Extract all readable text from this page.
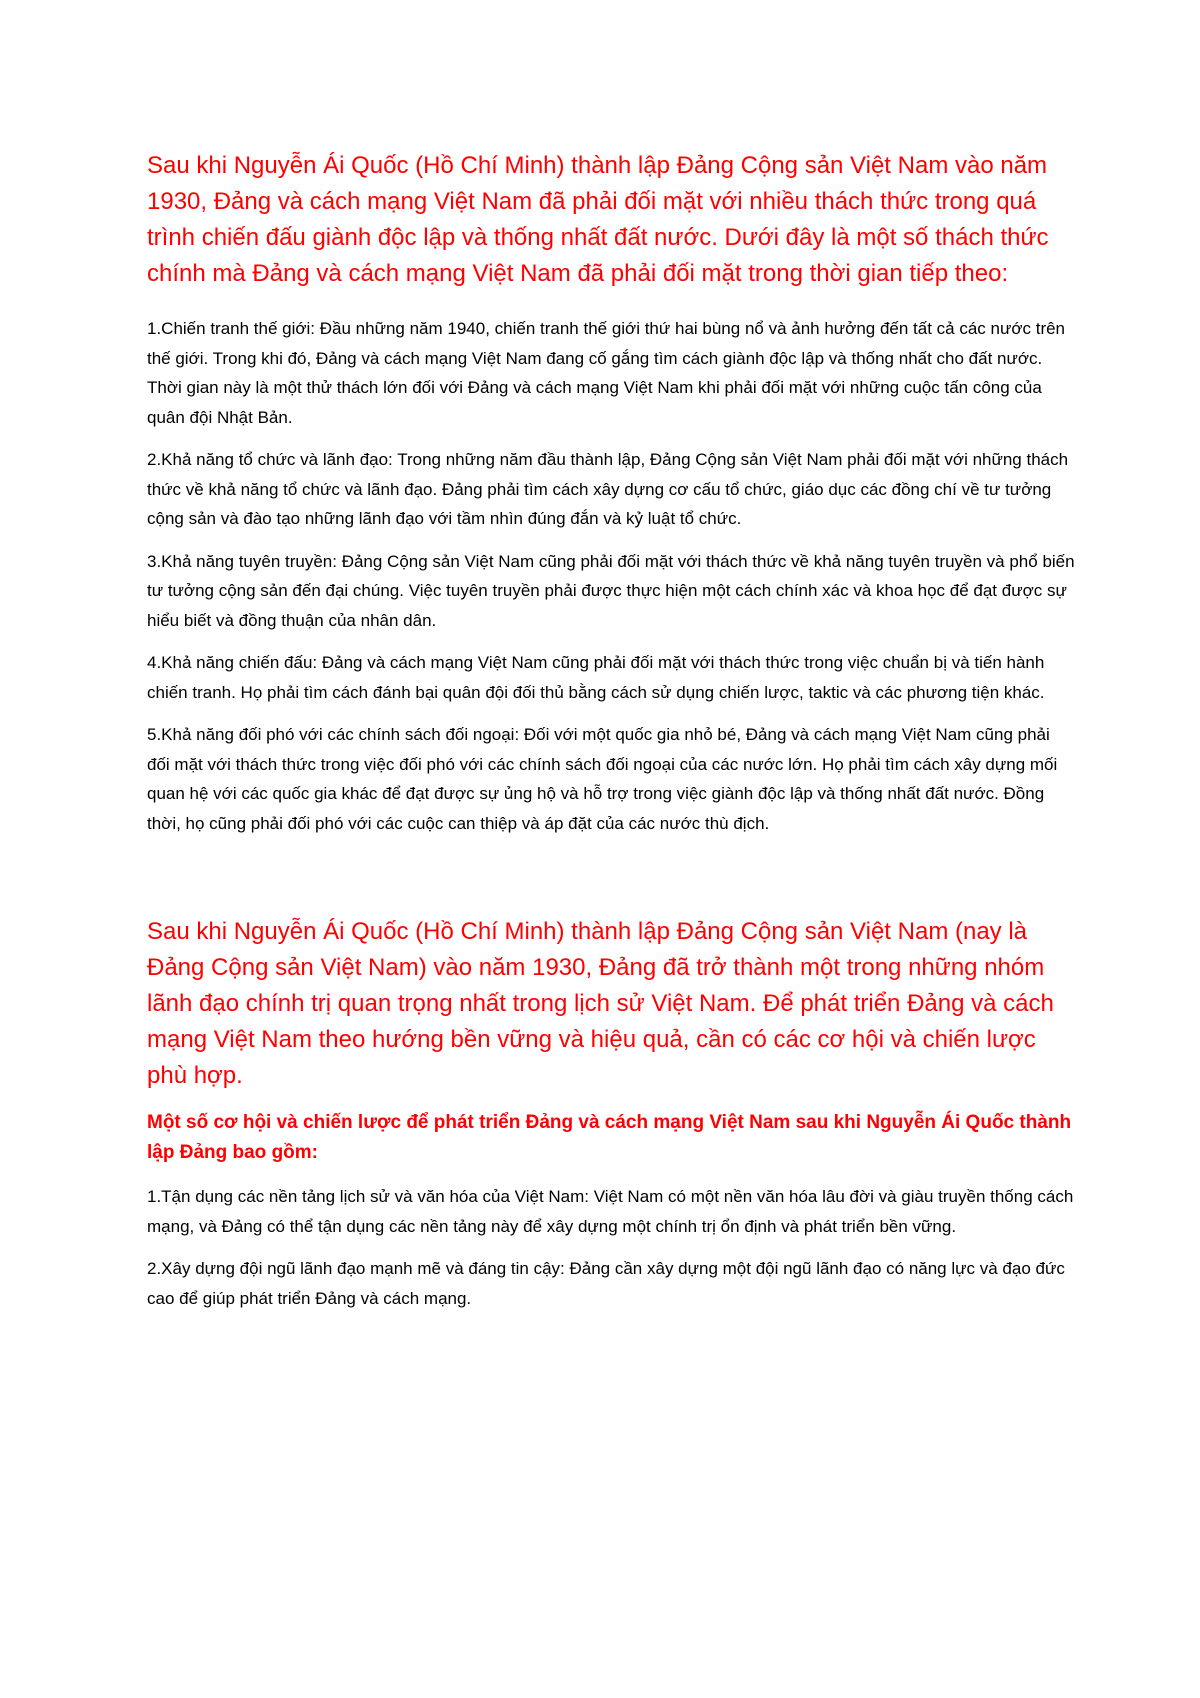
Sau khi Nguyễn Ái Quốc (Hồ Chí Minh) thành lập Đảng Cộng sản Việt Nam vào năm 1930, Đảng và cách mạng Việt Nam đã phải đối mặt với nhiều thách thức trong quá trình chiến đấu giành độc lập và thống nhất đất nước. Dưới đây là một số thách thức chính mà Đảng và cách mạng Việt Nam đã phải đối mặt trong thời gian tiếp theo:

1.Chiến tranh thế giới: Đầu những năm 1940, chiến tranh thế giới thứ hai bùng nổ và ảnh hưởng đến tất cả các nước trên thế giới. Trong khi đó, Đảng và cách mạng Việt Nam đang cố gắng tìm cách giành độc lập và thống nhất cho đất nước. Thời gian này là một thử thách lớn đối với Đảng và cách mạng Việt Nam khi phải đối mặt với những cuộc tấn công của quân đội Nhật Bản.

2.Khả năng tổ chức và lãnh đạo: Trong những năm đầu thành lập, Đảng Cộng sản Việt Nam phải đối mặt với những thách thức về khả năng tổ chức và lãnh đạo. Đảng phải tìm cách xây dựng cơ cấu tổ chức, giáo dục các đồng chí về tư tưởng cộng sản và đào tạo những lãnh đạo với tầm nhìn đúng đắn và kỷ luật tổ chức.

3.Khả năng tuyên truyền: Đảng Cộng sản Việt Nam cũng phải đối mặt với thách thức về khả năng tuyên truyền và phổ biến tư tưởng cộng sản đến đại chúng. Việc tuyên truyền phải được thực hiện một cách chính xác và khoa học để đạt được sự hiểu biết và đồng thuận của nhân dân.

4.Khả năng chiến đấu: Đảng và cách mạng Việt Nam cũng phải đối mặt với thách thức trong việc chuẩn bị và tiến hành chiến tranh. Họ phải tìm cách đánh bại quân đội đối thủ bằng cách sử dụng chiến lược, taktic và các phương tiện khác.

5.Khả năng đối phó với các chính sách đối ngoại: Đối với một quốc gia nhỏ bé, Đảng và cách mạng Việt Nam cũng phải đối mặt với thách thức trong việc đối phó với các chính sách đối ngoại của các nước lớn. Họ phải tìm cách xây dựng mối quan hệ với các quốc gia khác để đạt được sự ủng hộ và hỗ trợ trong việc giành độc lập và thống nhất đất nước. Đồng thời, họ cũng phải đối phó với các cuộc can thiệp và áp đặt của các nước thù địch.

Sau khi Nguyễn Ái Quốc (Hồ Chí Minh) thành lập Đảng Cộng sản Việt Nam (nay là Đảng Cộng sản Việt Nam) vào năm 1930, Đảng đã trở thành một trong những nhóm lãnh đạo chính trị quan trọng nhất trong lịch sử Việt Nam. Để phát triển Đảng và cách mạng Việt Nam theo hướng bền vững và hiệu quả, cần có các cơ hội và chiến lược phù hợp.

Một số cơ hội và chiến lược để phát triển Đảng và cách mạng Việt Nam sau khi Nguyễn Ái Quốc thành lập Đảng bao gồm:

1.Tận dụng các nền tảng lịch sử và văn hóa của Việt Nam: Việt Nam có một nền văn hóa lâu đời và giàu truyền thống cách mạng, và Đảng có thể tận dụng các nền tảng này để xây dựng một chính trị ổn định và phát triển bền vững.

2.Xây dựng đội ngũ lãnh đạo mạnh mẽ và đáng tin cậy: Đảng cần xây dựng một đội ngũ lãnh đạo có năng lực và đạo đức cao để giúp phát triển Đảng và cách mạng.
